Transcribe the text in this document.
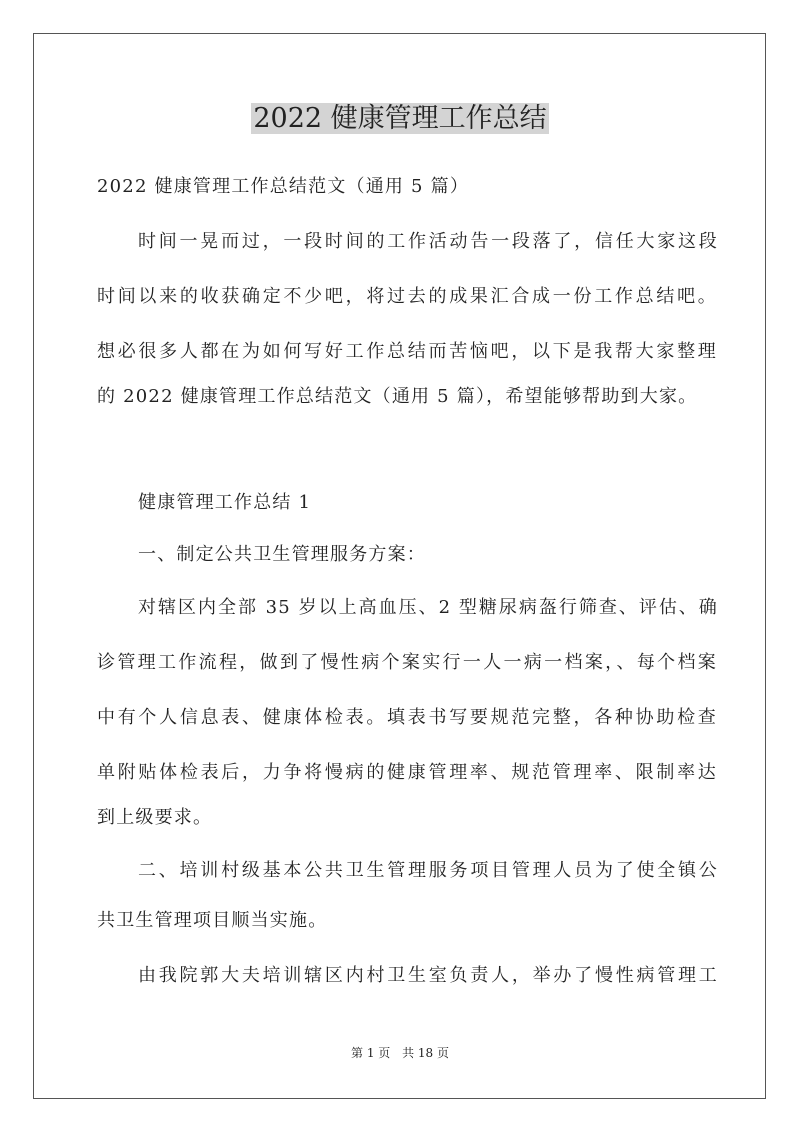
2022 健康管理工作总结

2022 健康管理工作总结范文（通用 5 篇）

时间一晃而过，一段时间的工作活动告一段落了，信任大家这段

时间以来的收获确定不少吧，将过去的成果汇合成一份工作总结吧。

想必很多人都在为如何写好工作总结而苦恼吧，以下是我帮大家整理

的 2022 健康管理工作总结范文（通用 5 篇），希望能够帮助到大家。

健康管理工作总结 1

一、制定公共卫生管理服务方案：

对辖区内全部 35 岁以上高血压、2 型糖尿病盔行筛查、评估、确

诊管理工作流程，做到了慢性病个案实行一人一病一档案，、每个档案

中有个人信息表、健康体检表。填表书写要规范完整，各种协助检查

单附贴体检表后，力争将慢病的健康管理率、规范管理率、限制率达

到上级要求。

二、培训村级基本公共卫生管理服务项目管理人员为了使全镇公

共卫生管理项目顺当实施。

由我院郭大夫培训辖区内村卫生室负责人，举办了慢性病管理工

第 1 页 共 18 页
